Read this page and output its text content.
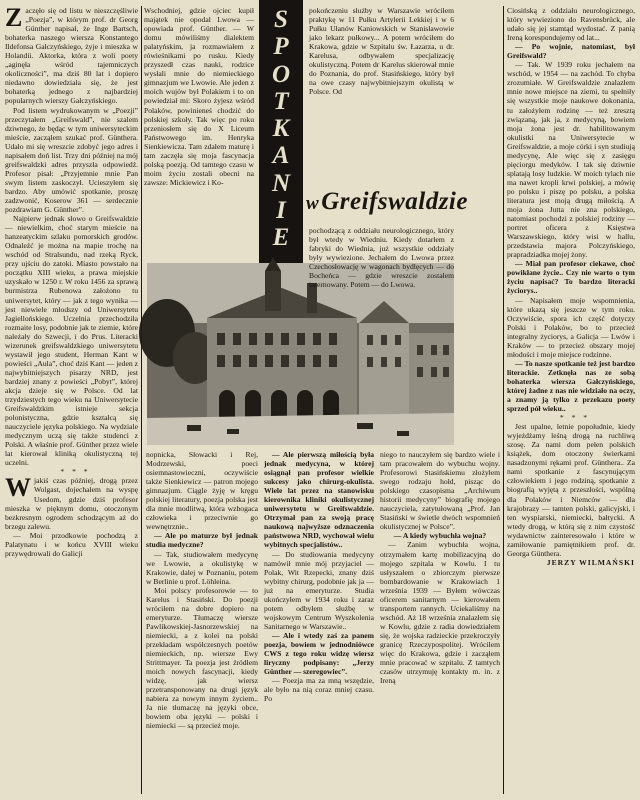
Zaczęło się od listu w nieszczęśliwie „Poezja”, w którym prof. dr Georg Günther napisał, że Inge Bartsch, bohaterka naszego wiersza Konstantego Ildefonsa Gałczyńskiego, żyje i mieszka w Holandii. Aktorka, która z woli poety „aginęła wśród tajemniczych okoliczności”, ma dziś 80 lat i dopiero niedawno dowiedziała się, że jest bohaterką jednego z najbardziej popularnych wierszy Gałczyńskiego.

Pod listem wydrukowanym w „Poezji” przeczytałem „Greifswald”, nie szalem dziwnego, że będąc w tym uniwersyteckim mieście, zacząłem szukać prof. Günthera. Udało mi się wreszcie zdobyć jego adres i napisałem doń list. Trzy dni później na mój greifswaldzki adres przyszła odpowiedź. Profesor pisał: „Przyjemnie mnie Pan swym listem zaskoczył. Ucieszyłem się bardzo. Aby umówić spotkanie, proszę zadzwonić, Koserow 361 — serdecznie pozdrawiam G. Günther”.

Najpierw jednak słowo o Greifswaldzie — niewielkim, choć starym mieście na hanzeatyckim szlaku pomorskich grodów. Odnaleźć je można na mapie trochę na wschód od Stralsundu, nad rzeką Ryck, przy ujściu do zatoki. Miasto powstało na początku XIII wieku, a prawa miejskie uzyskało w 1250 r. W roku 1456 za sprawą burmistrza Rubenowa założono tu uniwersytet, który — jak z tego wynika — jest niewiele młodszy od Uniwersytetu Jagiellońskiego. Uczelnia przechodziła rozmaite losy, podobnie jak te ziemie, które należały do Szwecji, i do Prus. Literacki wizerunek greifswaldzkiego uniwersytetu wystawił jego student, Herman Kant w powieści „Aula”, choć dziś Kant — jeden z najwybitniejszych pisarzy NRD, jest bardziej znany z powieści „Pobyt”, której akcja dzieje się w Polsce. Od lat trzydziestych tego wieku na Uniwersytecie Greifswaldzkim istnieje sekcja polonistyczna, gdzie kształcą się nauczyciele języka polskiego. Na wydziale medycznym uczą się także studenci z Polski. A właśnie prof. Günther przez wiele lat kierował kliniką okulistyczną tej uczelni.

* * *

Wjakiś czas później, drogą przez Wolgast, dojechałem na wyspę Usedom, gdzie dziś profesor mieszka w pięknym domu, otoczonym bezkresnym ogrodem schodzącym aż do brzegu zalewu.

— Moi przodkowie pochodzą z Palatynatu i w końcu XVIII wieku przywędrowali do Galicji

Wschodniej, gdzie ojciec kupił majątek nie opodal Lwowa — opowiada prof. Günther. — W domu mówiliśmy dialektem palatyńskim, ja rozmawiałem z rówieśnikami po rusku. Kiedy przyszedł czas nauki, rodzice wysłali mnie do niemieckiego gimnazjum we Lwowie. Ale jeden z moich wujów był Polakiem i to on powiedział mi: Skoro żyjesz wśród Polaków, powinieneś chodzić do polskiej szkoły. Tak więc po roku przeniosłem się do X Liceum Państwowego im. Henryka Sienkiewicza. Tam zdałem maturę i tam zaczęła się moja fascynacja polską poezją. Od tamtego czasu w moim życiu zostali obecni na zawsze: Mickiewicz i Ko-

S
P
O
T
K
A
N
I
E

pokończeniu służby w Warszawie wróciłem praktykę w 11 Pułku Artylerii Lekkiej i w 6 Pułku Ułanów Kaniowskich w Stanisławowie jako lekarz pułkowy... A potem wróciłem do Krakowa, gdzie w Szpitalu św. Łazarza, u dr. Karelusa, odbywałem specjalizację okulistyczną. Potem dr Karelus skierował mnie do Poznania, do prof. Stasińskiego, który był na owe czasy najwybitniejszym okulistą w Polsce. Od

wGreifswaldzie

Ciosińską z oddziału neurologicznego, który wywieziono do Ravensbrück, ale udało się jej stamtąd wydostać. Z panią Ireną korespondujemy od lat...

— Po wojnie, natomiast, był Greifswald?

— Tak. W 1939 roku jechałem na wschód, w 1954 — na zachód. To chyba zrozumiałe. W Greifswaldzie znalazłem mnie nowe miejsce na ziemi, tu spełniły się wszystkie moje naukowe dokonania, tu założyłem rodzinę — też zresztą związaną, jak ja, z medycyną, bowiem moja żona jest dr. habilitowanym okulistki na Uniwersytecie w Greifswaldzie, a moje córki i syn studiują medycynę, Ale więc się z zasięgu pięciorgu medyków. I tak się dziwnie splatają losy ludzkie. W moich tylach nie ma nawet kropli krwi polskiej, a mówię po polsku i piszę po polsku, a polska literatura jest moją drugą miłością. A moja żona Jutta nie zna polskiego, natomiast pochodzi z polskiej rodziny — portret oficera z Księstwa Warszawskiego, który wisi w hallu, przedstawia majora Polczyńskiego, prapradziadka mojej żony.

— Miał pan profesor ciekawe, choć powikłane życie.. Czy nie warto o tym życiu napisać? To bardzo literacki życiorys..

— Napisałem moje wspomnienia, które ukazą się jeszcze w tym roku. Oczywiście, spora ich część dotyczy Polski i Polaków, bo to przecież integralny życiorys, a Galicja — Lwów i Kraków — to przecież obszary mojej młodości i moje miejsce rodzinne.

— To nasze spotkanie też jest bardzo literackie. Zetknęła nas ze sobą bohaterka wiersza Gałczyńskiego, której żadne z nas nie widziało na oczy, a znamy ją tylko z przekazu poety sprzed pół wieku..

* * *

Jest upalne, letnie popołudnie, kiedy wyjeżdżamy leśną drogą na ruchliwą szosę. Za nami dom pełen polskich książek, dom otoczony świerkami nasadzonymi rękami prof. Günthera.. Za nami spotkanie z fascynującym człowiekiem i jego rodziną, spotkanie z biografią wyjętą z przeszłości, wspólną dla Polaków i Niemców — dla krajobrazy — tamten polski, galicyjski, i ten wyspiarski, niemiecki, bałtycki. A wtedy drogą, w którą się z nim czystość wydawnictw zainteresowało i które w zamiłowanie pamiętnikiem prof. dr. Georga Günthera.

JERZY WILMAŃSKI

nopnicka, Słowacki i Rej, Modrzewski, poeci osiemnastowieczni, oczywiście także Sienkiewicz — patron mojego gimnazjum. Ciągle żyję w kręgu polskiej literatury, poezja polska jest dla mnie modlitwą, która wzbogaca człowieka i przeciwnie go wewnętrznie..

— Ale po maturze był jednak studia medyczne?

— Tak, studiowałem medycynę we Lwowie, a okulistykę w Krakowie, dalej w Poznaniu, potem w Berlinie u prof. Löhleina.

Moi polscy profesorowie — to Karelus i Stasiński. Do poezji wróciłem na dobre dopiero na emeryturze. Tłumaczę wiersze Pawlikowskiej-Jasnorzewskiej na niemiecki, a z kolei na polski przekładam współczesnych poetów niemieckich, np. wiersze Ewy Strittmayer. Ta poezja jest źródłem moich nowych fascynacji, kiedy widzę, jak wiersz przetransponowany na drugi język nabiera za nowym innym życiem.. Ja nie tłumaczę na języki obce, bowiem oba języki — polski i niemiecki — są przecież moje.

— Ale pierwszą miłością była jednak medycyna, w której osiągnął pan profesor wielkie sukcesy jako chirurg-okulista. Wiele lat przez na stanowisku kierownika kliniki okulistycznej uniwersytetu w Greifswaldzie. Otrzymał pan za swoją pracę naukową najwyższe odznaczenia państwowa NRD, wychował wielu wybitnych specjalistów..

— Do studiowania medycyny namówił mnie mój przyjaciel — Polak, Wit Rzepecki, znany dziś wybitny chirurg, podobnie jak ja — już na emeryturze. Studia ukończyłem w 1934 roku i zaraz potem odbyłem służbę w wojskowym Centrum Wyszkolenia Sanitarnego w Warszawie..

— Ale i wtedy zaś za panem poezja, bowiem w jednodniówce CWS z tego roku widzę wiersz liryczny podpisany: „Jerzy Günther — szeregowiec”.

— Poezja ma za mną wszędzie, ale było na nią coraz mniej czasu. Po

niego to nauczyłem się bardzo wiele i tam pracowałem do wybuchu wojny. Profesorowi Stasińskiemu złożyłem swego rodzaju hołd, pisząc do polskiego czasopisma „Archiwum historii medycyny” biografię mojego nauczyciela, zatytułowaną „Prof. Jan Stasiński w świetle dwóch wspomnień okulistycznej w Polsce”.

— A kiedy wybuchła wojna?

— Zanim wybuchła wojna, otrzymałem kartę mobilizacyjną do mojego szpitala w Kowlu. I tu usłyszałem o zbiorczym pierwsze bombardowanie w Krakowiach 1 września 1939 — Byłem wówczas oficerem sanitarnym — kierowałem transportem rannych. Uciekaliśmy na wschód. Aż 18 września znalazłem się w Kowlu, gdzie z radia dowiedziałem się, że wojska radzieckie przekroczyły granicę Rzeczypospolitej. Wróciłem więc do Krakowa, gdzie i zacząłem mnie pracować w szpitalu. Z tamtych czasów utrzymuję kontakty m. in. z Ireną

pochodzącą z oddziału neurologicznego, który był wtedy w Wiedniu. Kiedy dotarłem z fabryki do Wiednia, już wszystkie oddziały były wywiezione. Jechałem do Lwowa przez Czechosłowację w wagonach bydlęcych — do Bocheńca — gdzie wreszcie zostałem internowany. Potem — do Lwowa.
